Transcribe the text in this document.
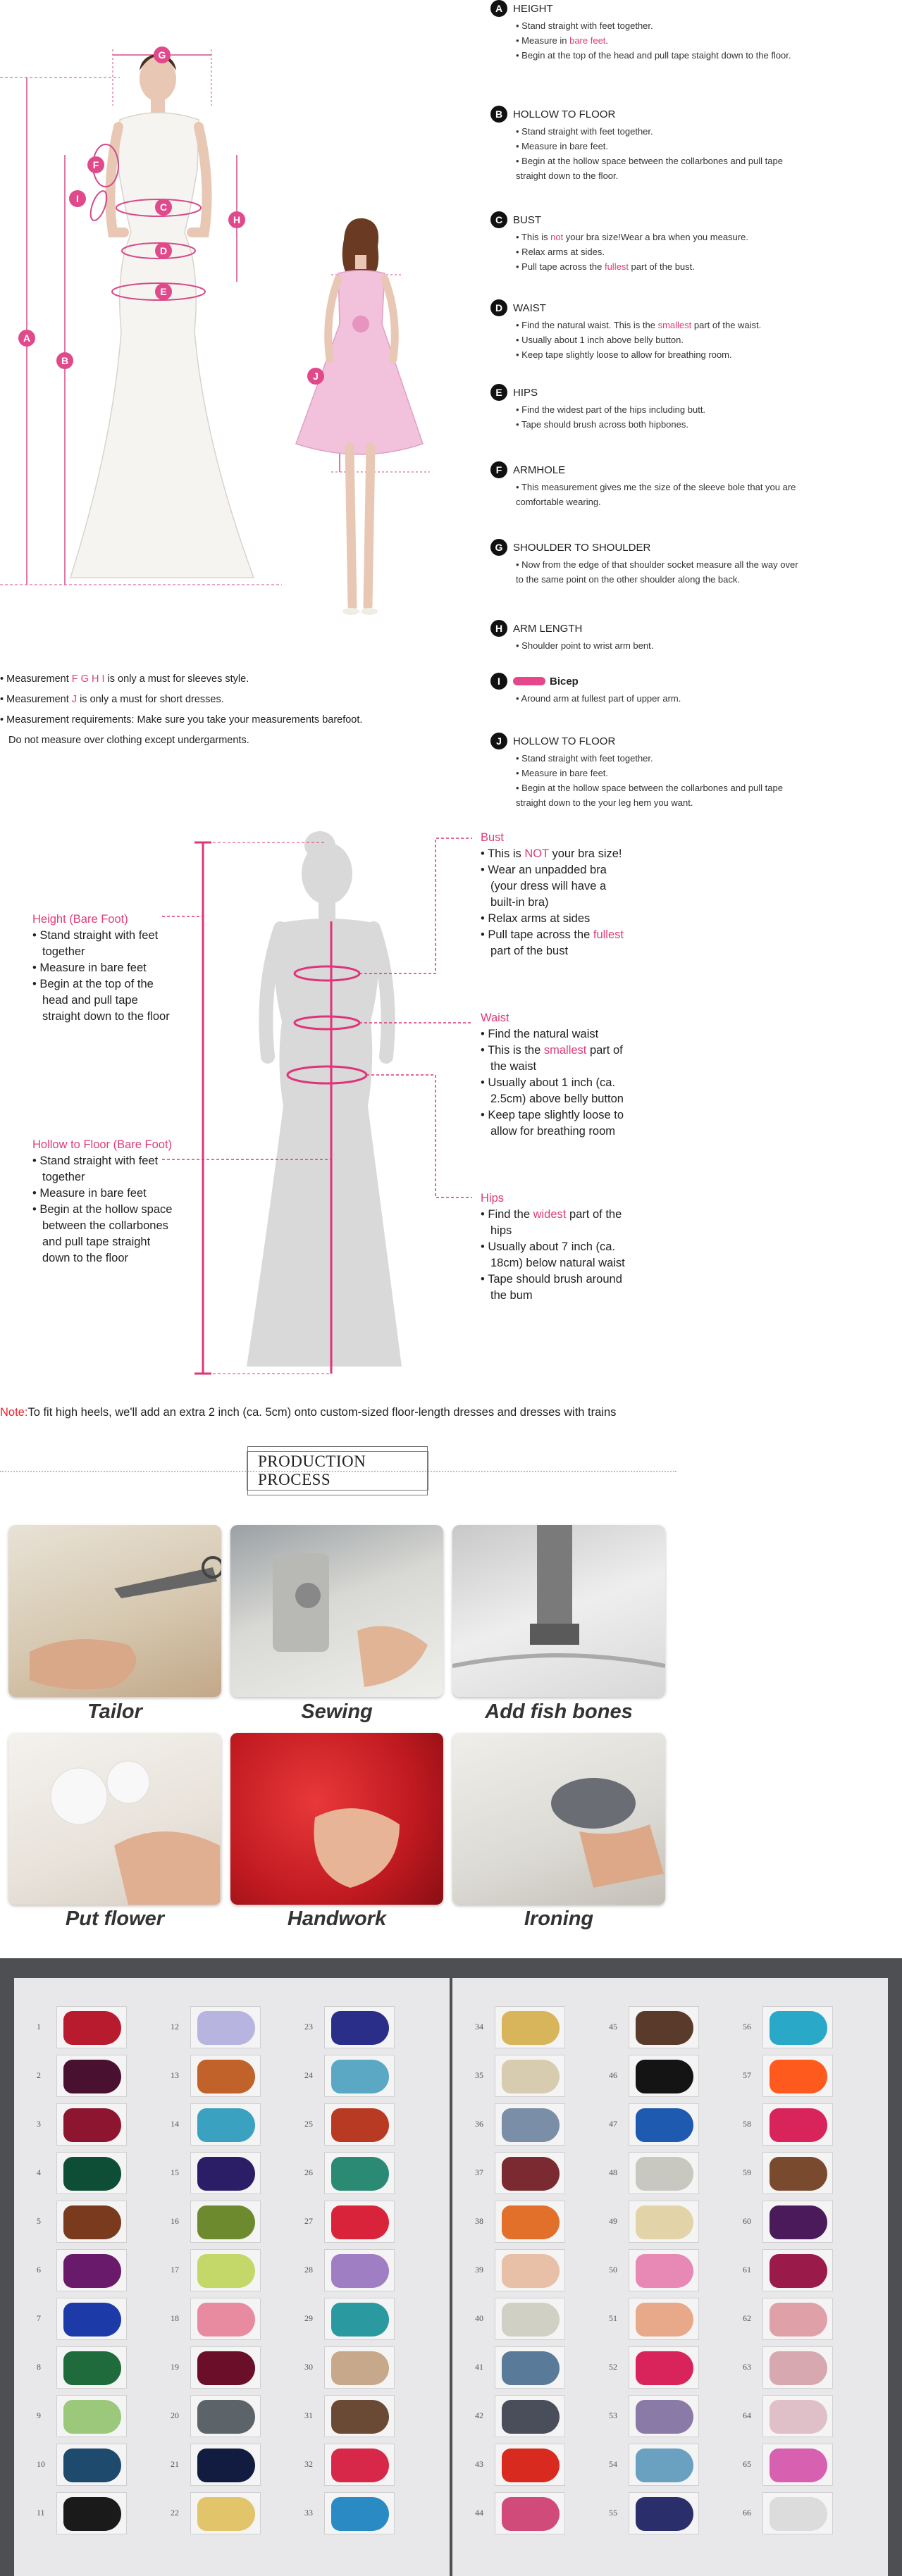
G
F
I
C
D
E
H
A
B
J
A HEIGHT
• Stand straight with feet together.
• Measure in bare feet.
• Begin at the top of the head and pull tape staight down to the floor.
B HOLLOW TO FLOOR
• Stand straight with feet together.
• Measure in bare feet.
• Begin at the hollow space between the collarbones and pull tape straight down to the floor.
C BUST
• This is not your bra size!Wear a bra when you measure.
• Relax arms at sides.
• Pull tape across the fullest part of the bust.
D WAIST
• Find the natural waist. This is the smallest part of the waist.
• Usually about 1 inch above belly button.
• Keep tape slightly loose to allow for breathing room.
E	HIPS
• Find the widest part of the hips including butt.
• Tape should brush across both hipbones.
F	ARMHOLE
• This measurement gives me the size of the sleeve bole that you are comfortable wearing.
G SHOULDER TO SHOULDER
• Now from the edge of that shoulder socket measure all the way over to the same point on the other shoulder along the back.
H ARM LENGTH
• Shoulder point to wrist arm bent.
I	Bicep
• Around arm at fullest part of upper arm.
J	HOLLOW TO FLOOR
• Stand straight with feet together.
• Measure in bare feet.
• Begin at the hollow space between the collarbones and pull tape straight down to the your leg hem you want.
• Measurement F G H I is only a must for sleeves style.
• Measurement J is only a must for short dresses.
• Measurement requirements: Make sure you take your measurements barefoot.
Do not measure over clothing except undergarments.
Height (Bare Foot)
• Stand straight with feet together
• Measure in bare feet
• Begin at the top of the head and pull tape straight down to the floor
Hollow to Floor (Bare Foot)
• Stand straight with feet together
• Measure in bare feet
• Begin at the hollow space between the collarbones and pull tape straight down to the floor
Bust
• This is NOT your bra size!
• Wear an unpadded bra (your dress will have a built-in bra)
• Relax arms at sides
• Pull tape across the fullest part of the bust
Waist
• Find the natural waist
• This is the smallest part of the waist
• Usually about 1 inch (ca. 2.5cm) above belly button
• Keep tape slightly loose to allow for breathing room
Hips
• Find the widest part of the hips
• Usually about 7 inch (ca. 18cm) below natural waist
• Tape should brush around the bum
Note:To fit high heels, we'll add an extra 2 inch (ca. 5cm) onto custom-sized floor-length dresses and dresses with trains
PRODUCTION PROCESS
Tailor	Sewing	Add fish bones
Put flower	Handwork	Ironing
1
2
3
4
5
6
7
8
9
10
11
12
13
14
15
16
17
18
19
20
21
22
23
24
25
26
27
28
29
30
31
32
33
34
35
36
37
38
39
40
41
42
43
44
45
46
47
48
49
50
51
52
53
54
55
56
57
58
59
60
61
62
63
64
65
66
